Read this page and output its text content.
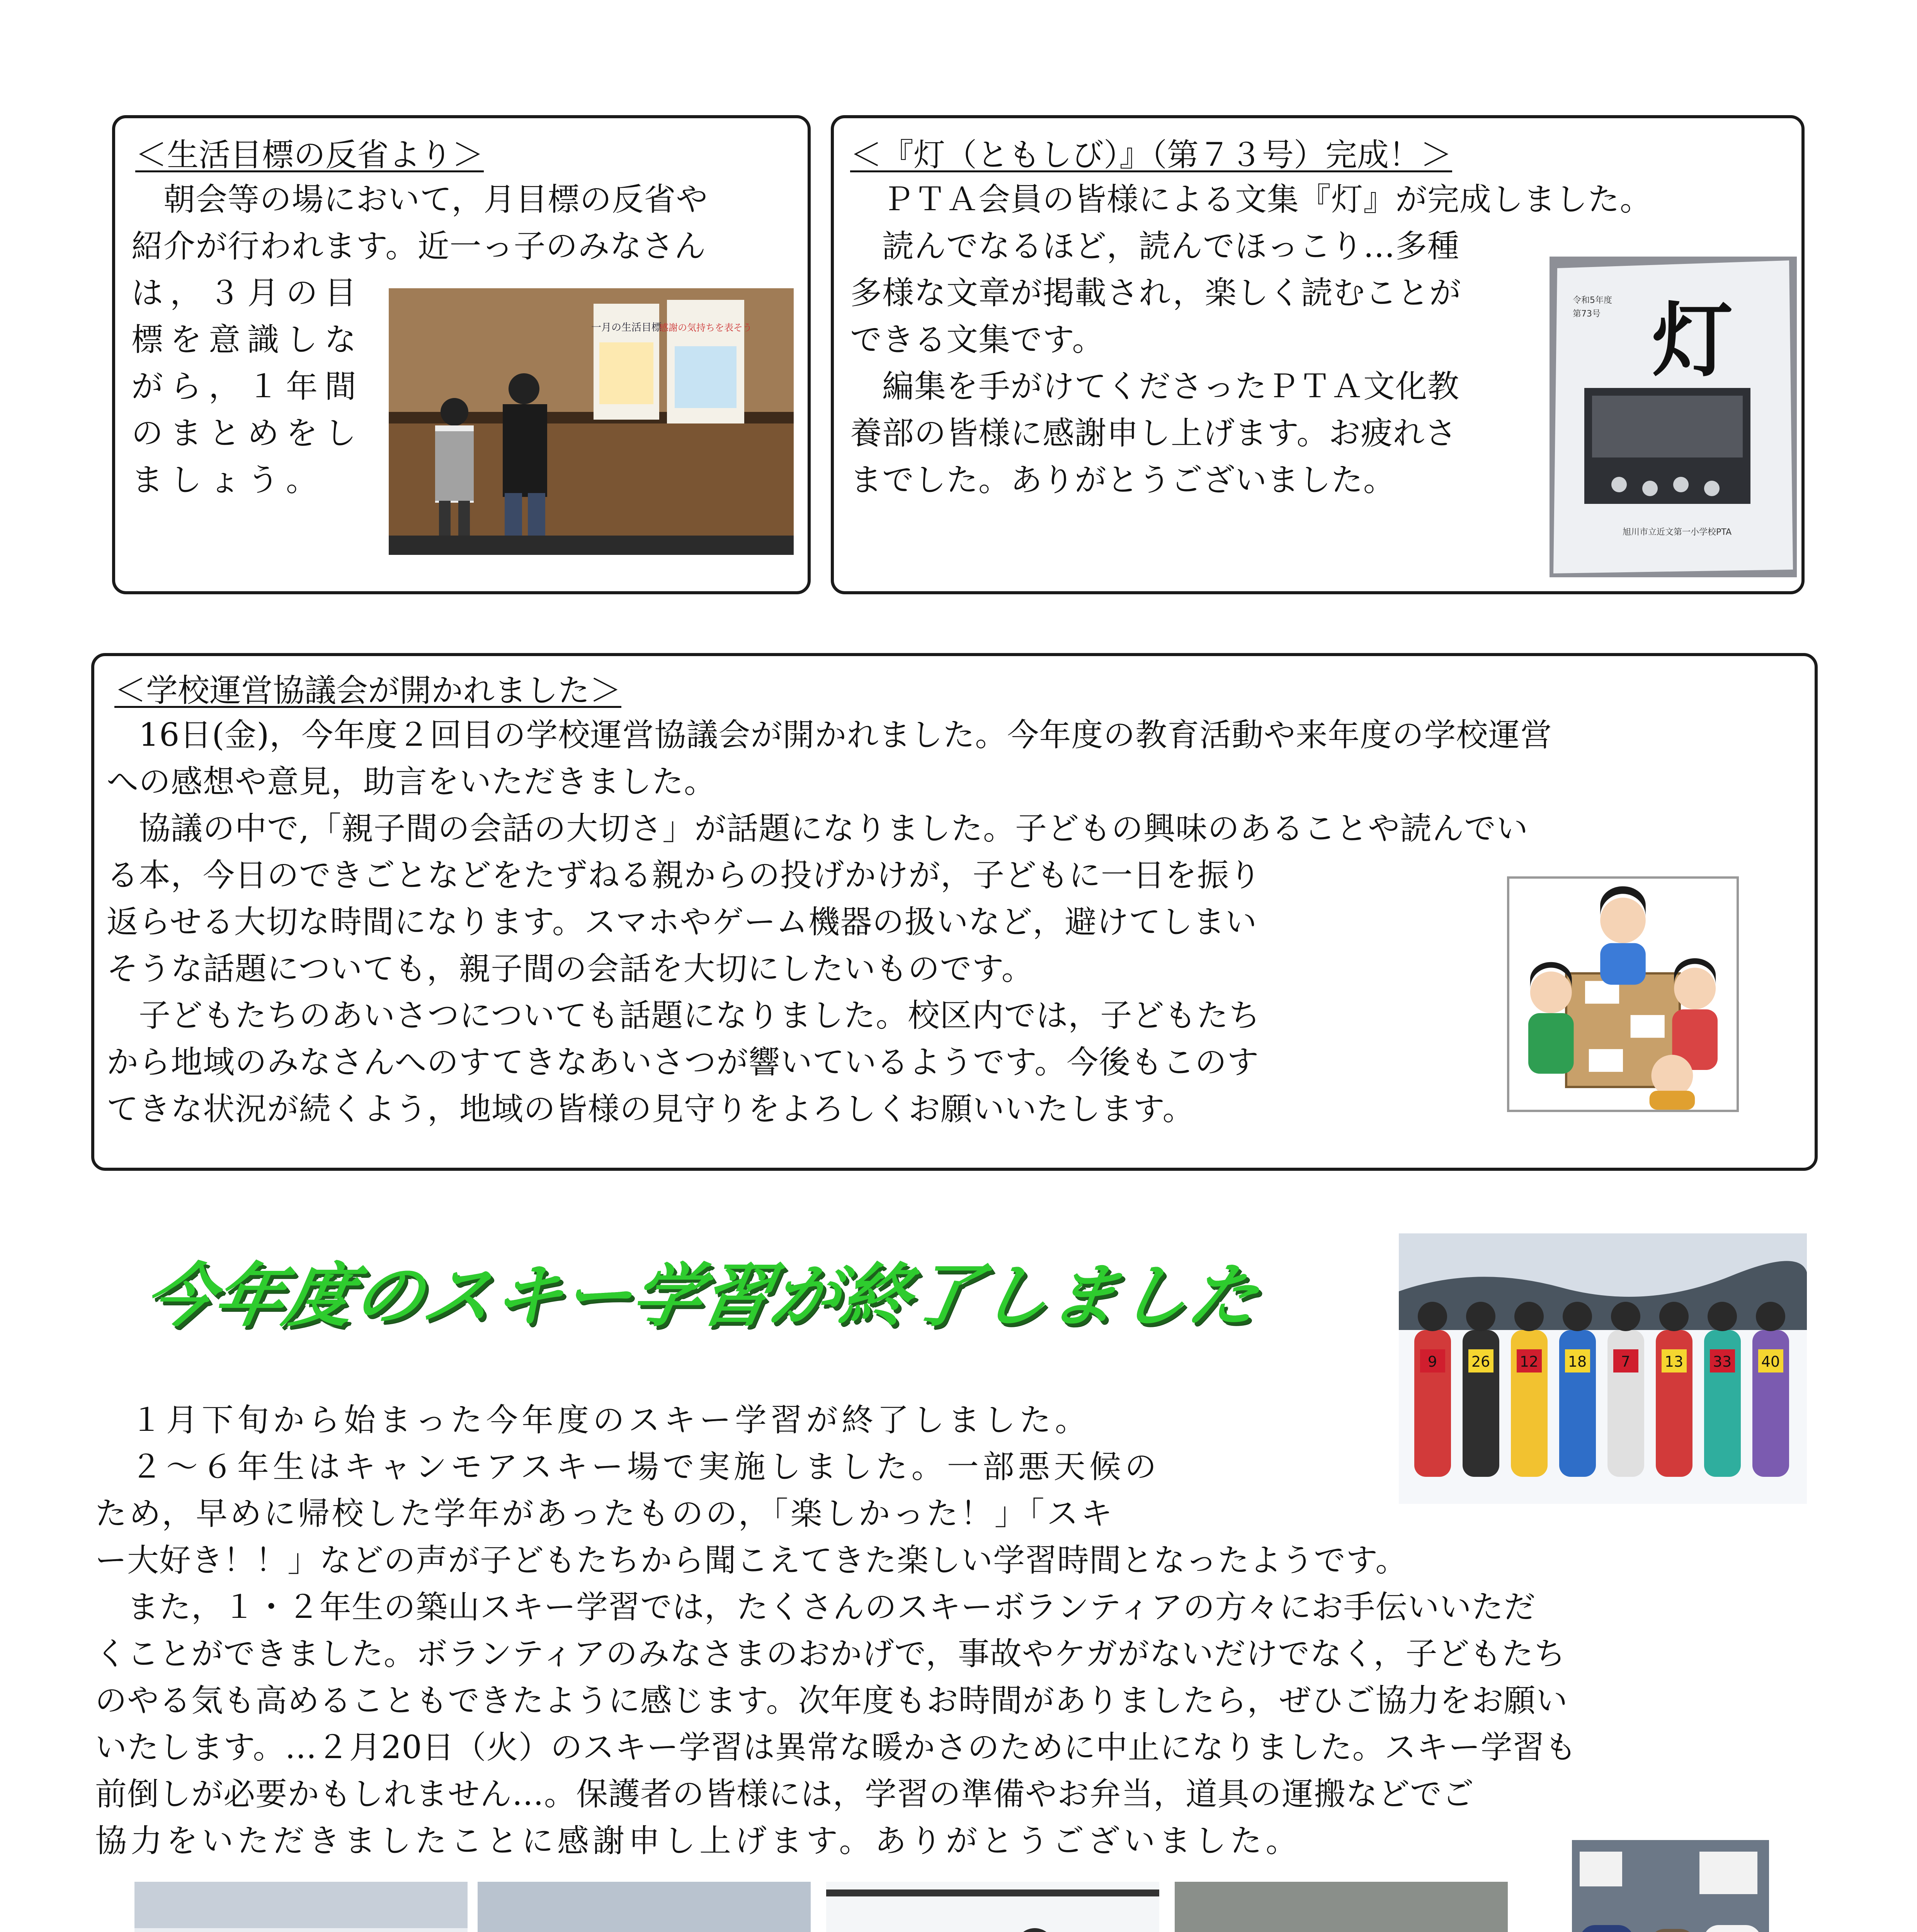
＜生活目標の反省より＞

　朝会等の場において，月目標の反省や

紹介が行われます。近一っ子のみなさん

は，３月の目

標を意識しな

がら，１年間

のまとめをし

ましょう。

一月の生活目標
感謝の気持ちを表そう
＜『灯（ともしび）』（第７３号）完成！＞

　ＰＴＡ会員の皆様による文集『灯』が完成しました。

　読んでなるほど，読んでほっこり…多種

多様な文章が掲載され，楽しく読むことが

できる文集です。

　編集を手がけてくださったＰＴＡ文化教

養部の皆様に感謝申し上げます。お疲れさ

までした。ありがとうございました。

令和5年度
第73号 灯
旭川市立近文第一小学校PTA
＜学校運営協議会が開かれました＞

　16日(金)，今年度２回目の学校運営協議会が開かれました。今年度の教育活動や来年度の学校運営

への感想や意見，助言をいただきました。

　協議の中で,「親子間の会話の大切さ」が話題になりました。子どもの興味のあることや読んでい

る本，今日のできごとなどをたずねる親からの投げかけが，子どもに一日を振り

返らせる大切な時間になります。スマホやゲーム機器の扱いなど，避けてしまい

そうな話題についても，親子間の会話を大切にしたいものです。

　子どもたちのあいさつについても話題になりました。校区内では，子どもたち

から地域のみなさんへのすてきなあいさつが響いているようです。今後もこのす

てきな状況が続くよう，地域の皆様の見守りをよろしくお願いいたします。

今年度のスキー学習が終了しました
9 26 12 18 7 13 33 40

　１月下旬から始まった今年度のスキー学習が終了しました。

　２～６年生はキャンモアスキー場で実施しました。一部悪天候の

ため，早めに帰校した学年があったものの，「楽しかった！」「スキ

ー大好き！！」などの声が子どもたちから聞こえてきた楽しい学習時間となったようです。

　また，１・２年生の築山スキー学習では，たくさんのスキーボランティアの方々にお手伝いいただ

くことができました。ボランティアのみなさまのおかげで，事故やケガがないだけでなく，子どもたち

のやる気も高めることもできたように感じます。次年度もお時間がありましたら，ぜひご協力をお願い

いたします。…２月20日（火）のスキー学習は異常な暖かさのために中止になりました。スキー学習も

前倒しが必要かもしれません…。保護者の皆様には，学習の準備やお弁当，道具の運搬などでご

協力をいただきましたことに感謝申し上げます。ありがとうございました。
